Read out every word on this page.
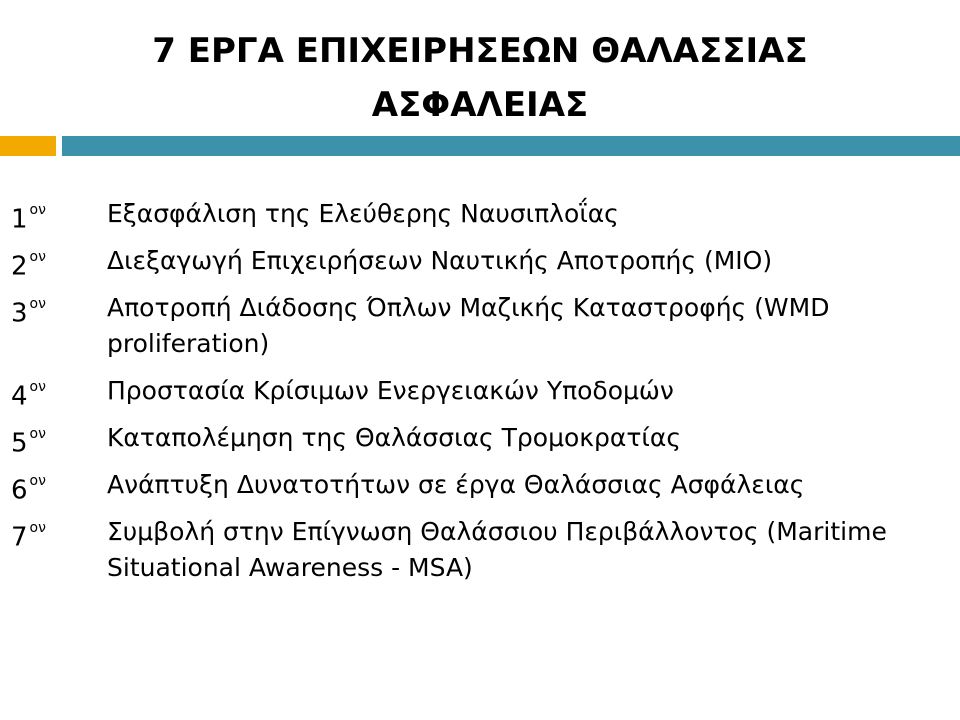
7 ΕΡΓΑ ΕΠΙΧΕΙΡΗΣΕΩΝ ΘΑΛΑΣΣΙΑΣ ΑΣΦΑΛΕΙΑΣ
1 $^{o\nu}$ Εξασφάλιση της Ελεύθερης Ναυσιπλοΐας
2 $^{o\nu}$ Διεξαγωγή Επιχειρήσεων Ναυτικής Αποτροπής (MIO)
3 $^{o\nu}$ Αποτροπή Διάδοσης Όπλων Μαζικής Καταστροφής (WMD proliferation)
4 $^{o\nu}$ Προστασία Κρίσιμων Ενεργειακών Υποδομών
5 $^{o\nu}$ Καταπολέμηση της Θαλάσσιας Τρομοκρατίας
6 $^{o\nu}$ Ανάπτυξη Δυνατοτήτων σε έργα Θαλάσσιας Ασφάλειας
7 $^{o\nu}$ Συμβολή στην Επίγνωση Θαλάσσιου Περιβάλλοντος (Maritime Situational Awareness - MSA)
